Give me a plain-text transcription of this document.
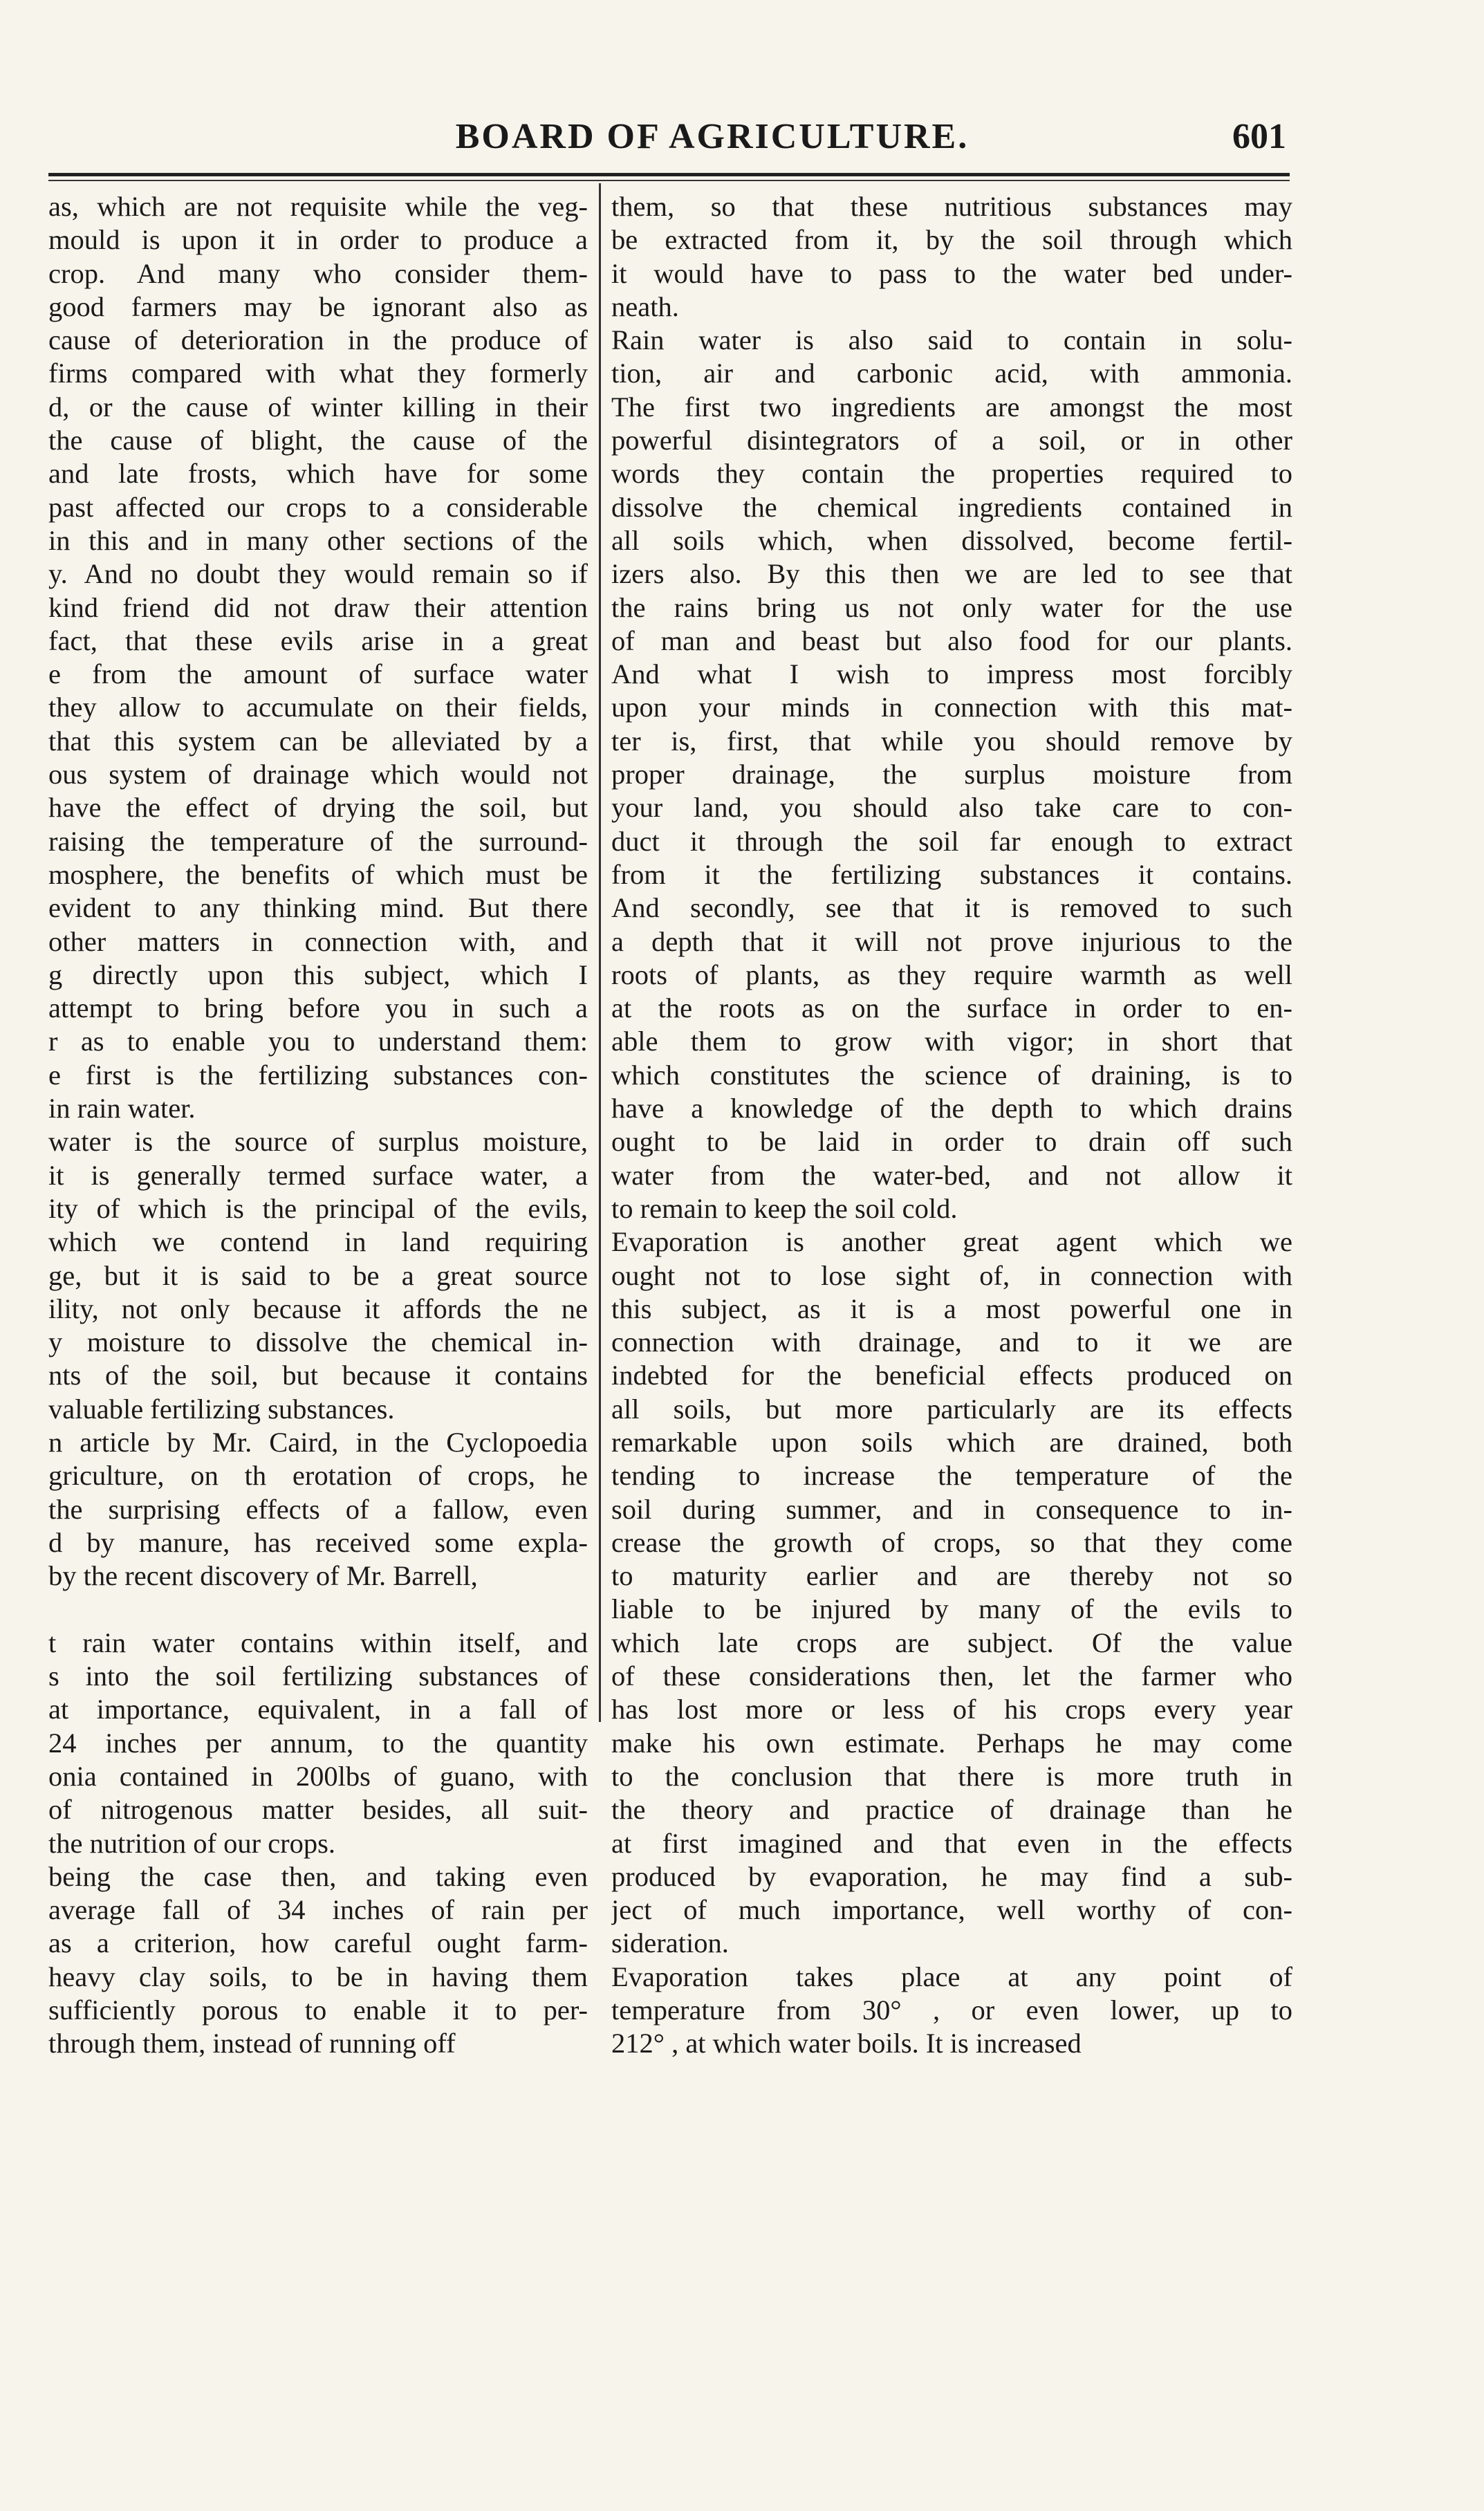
BOARD OF AGRICULTURE.	601
as, which are not requisite while the veg-
mould is upon it in order to produce a
crop. And many who consider them-
good farmers may be ignorant also as
cause of deterioration in the produce of
firms compared with what they formerly
d, or the cause of winter killing in their
the cause of blight, the cause of the
and late frosts, which have for some
past affected our crops to a considerable
in this and in many other sections of the
y. And no doubt they would remain so if
kind friend did not draw their attention
fact, that these evils arise in a great
e from the amount of surface water
they allow to accumulate on their fields,
that this system can be alleviated by a
ous system of drainage which would not
have the effect of drying the soil, but
raising the temperature of the surround-
mosphere, the benefits of which must be
evident to any thinking mind. But there
other matters in connection with, and
g directly upon this subject, which I
attempt to bring before you in such a
r as to enable you to understand them:
e first is the fertilizing substances con-
in rain water.
water is the source of surplus moisture,
it is generally termed surface water, a
ity of which is the principal of the evils,
which we contend in land requiring
ge, but it is said to be a great source
ility, not only because it affords the ne
y moisture to dissolve the chemical in-
nts of the soil, but because it contains
valuable fertilizing substances.
n article by Mr. Caird, in the Cyclopoedia
griculture, on th erotation of crops, he
the surprising effects of a fallow, even
d by manure, has received some expla-
by the recent discovery of Mr. Barrell,

t rain water contains within itself, and
s into the soil fertilizing substances of
at importance, equivalent, in a fall of
24 inches per annum, to the quantity
onia contained in 200lbs of guano, with
of nitrogenous matter besides, all suit-
the nutrition of our crops.
being the case then, and taking even
average fall of 34 inches of rain per
as a criterion, how careful ought farm-
heavy clay soils, to be in having them
sufficiently porous to enable it to per-
through them, instead of running off
them, so that these nutritious substances may
be extracted from it, by the soil through which
it would have to pass to the water bed under-
neath.
Rain water is also said to contain in solu-
tion, air and carbonic acid, with ammonia.
The first two ingredients are amongst the most
powerful disintegrators of a soil, or in other
words they contain the properties required to
dissolve the chemical ingredients contained in
all soils which, when dissolved, become fertil-
izers also. By this then we are led to see that
the rains bring us not only water for the use
of man and beast but also food for our plants.
And what I wish to impress most forcibly
upon your minds in connection with this mat-
ter is, first, that while you should remove by
proper drainage, the surplus moisture from
your land, you should also take care to con-
duct it through the soil far enough to extract
from it the fertilizing substances it contains.
And secondly, see that it is removed to such
a depth that it will not prove injurious to the
roots of plants, as they require warmth as well
at the roots as on the surface in order to en-
able them to grow with vigor; in short that
which constitutes the science of draining, is to
have a knowledge of the depth to which drains
ought to be laid in order to drain off such
water from the water-bed, and not allow it
to remain to keep the soil cold.
Evaporation is another great agent which we
ought not to lose sight of, in connection with
this subject, as it is a most powerful one in
connection with drainage, and to it we are
indebted for the beneficial effects produced on
all soils, but more particularly are its effects
remarkable upon soils which are drained, both
tending to increase the temperature of the
soil during summer, and in consequence to in-
crease the growth of crops, so that they come
to maturity earlier and are thereby not so
liable to be injured by many of the evils to
which late crops are subject. Of the value
of these considerations then, let the farmer who
has lost more or less of his crops every year
make his own estimate. Perhaps he may come
to the conclusion that there is more truth in
the theory and practice of drainage than he
at first imagined and that even in the effects
produced by evaporation, he may find a sub-
ject of much importance, well worthy of con-
sideration.
Evaporation takes place at any point of
temperature from 30° , or even lower, up to
212° , at which water boils. It is increased
